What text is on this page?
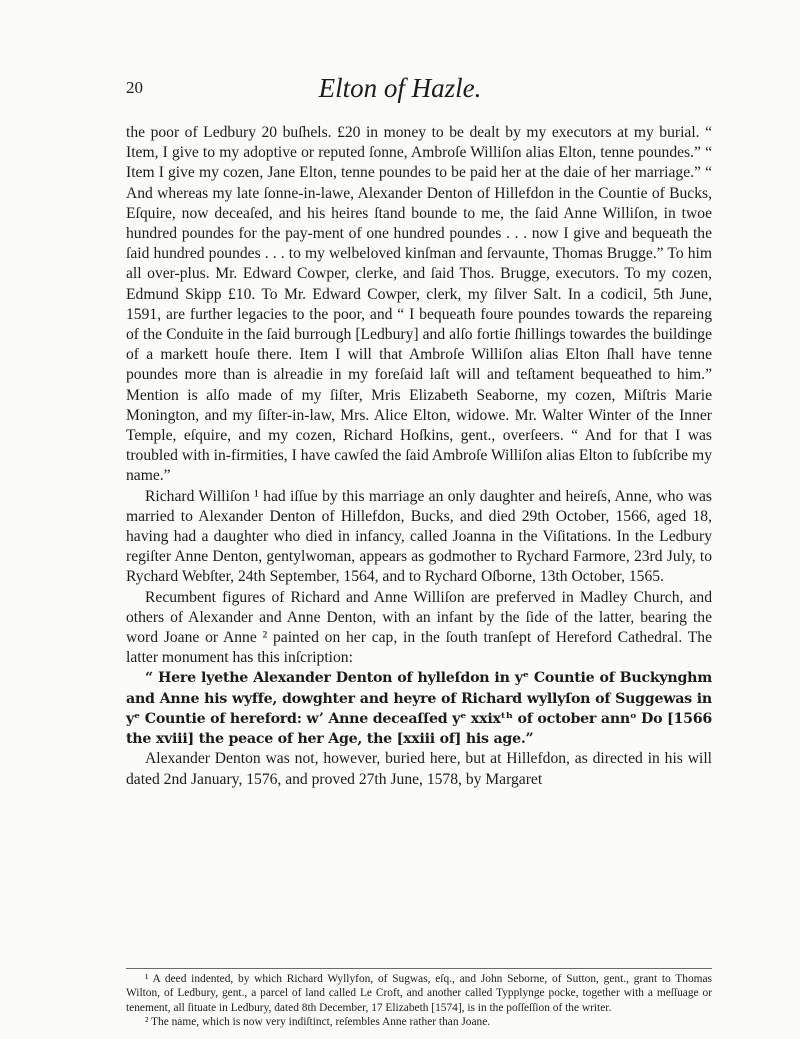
20	Elton of Hazle.

the poor of Ledbury 20 buſhels. £20 in money to be dealt by my executors at my burial. “ Item, I give to my adoptive or reputed ſonne, Ambroſe Williſon alias Elton, tenne poundes.” “ Item I give my cozen, Jane Elton, tenne poundes to be paid her at the daie of her marriage.” “ And whereas my late ſonne-in-lawe, Alexander Denton of Hillefdon in the Countie of Bucks, Eſquire, now deceaſed, and his heires ſtand bounde to me, the ſaid Anne Williſon, in twoe hundred poundes for the pay-ment of one hundred poundes . . . now I give and bequeath the ſaid hundred poundes . . . to my welbeloved kinſman and ſervaunte, Thomas Brugge.” To him all over-plus. Mr. Edward Cowper, clerke, and ſaid Thos. Brugge, executors. To my cozen, Edmund Skipp £10. To Mr. Edward Cowper, clerk, my ſilver Salt. In a codicil, 5th June, 1591, are further legacies to the poor, and “ I bequeath foure poundes towards the repareing of the Conduite in the ſaid burrough [Ledbury] and alſo fortie ſhillings towardes the buildinge of a markett houſe there. Item I will that Ambroſe Williſon alias Elton ſhall have tenne poundes more than is alreadie in my foreſaid laſt will and teſtament bequeathed to him.” Mention is alſo made of my ſiſter, Mris Elizabeth Seaborne, my cozen, Miſtris Marie Monington, and my ſiſter-in-law, Mrs. Alice Elton, widowe. Mr. Walter Winter of the Inner Temple, eſquire, and my cozen, Richard Hoſkins, gent., overſeers. “ And for that I was troubled with in-firmities, I have cawſed the ſaid Ambroſe Williſon alias Elton to ſubſcribe my name.”

Richard Williſon ¹ had iſſue by this marriage an only daughter and heireſs, Anne, who was married to Alexander Denton of Hillefdon, Bucks, and died 29th October, 1566, aged 18, having had a daughter who died in infancy, called Joanna in the Viſitations. In the Ledbury regiſter Anne Denton, gentylwoman, appears as godmother to Rychard Farmore, 23rd July, to Rychard Webſter, 24th September, 1564, and to Rychard Oſborne, 13th October, 1565.

Recumbent figures of Richard and Anne Williſon are preferved in Madley Church, and others of Alexander and Anne Denton, with an infant by the ſide of the latter, bearing the word Joane or Anne ² painted on her cap, in the ſouth tranſept of Hereford Cathedral. The latter monument has this inſcription:

“ Here lyethe Alexander Denton of hylleſdon in yᵉ Countie of Buckynghm and Anne his wyffe, dowghter and heyre of Richard wyllyſon of Suggewas in yᵉ Countie of hereford: w’ Anne deceaſſed yᵉ xxixᵗʰ of october annᵒ Do [1566 the xviii] the peace of her Age, the [xxiii of] his age.”

Alexander Denton was not, however, buried here, but at Hillefdon, as directed in his will dated 2nd January, 1576, and proved 27th June, 1578, by Margaret

¹ A deed indented, by which Richard Wyllyfon, of Sugwas, eſq., and John Seborne, of Sutton, gent., grant to Thomas Wilton, of Ledbury, gent., a parcel of land called Le Croft, and another called Typplynge pocke, together with a meſſuage or tenement, all ſituate in Ledbury, dated 8th December, 17 Elizabeth [1574], is in the poſſeſſion of the writer.

² The name, which is now very indiſtinct, reſembles Anne rather than Joane.
